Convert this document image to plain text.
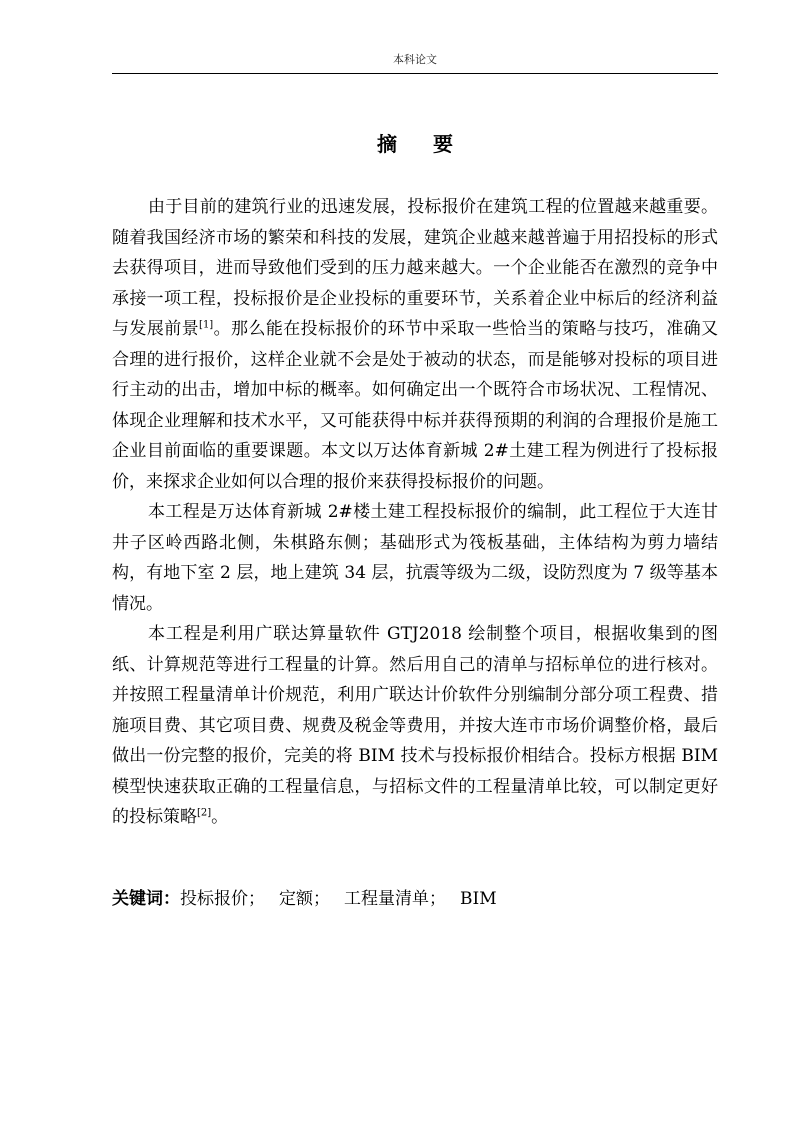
本科论文
摘要

由于目前的建筑行业的迅速发展，投标报价在建筑工程的位置越来越重要。随着我国经济市场的繁荣和科技的发展，建筑企业越来越普遍于用招投标的形式去获得项目，进而导致他们受到的压力越来越大。一个企业能否在激烈的竞争中承接一项工程，投标报价是企业投标的重要环节，关系着企业中标后的经济利益与发展前景[1]。那么能在投标报价的环节中采取一些恰当的策略与技巧，准确又合理的进行报价，这样企业就不会是处于被动的状态，而是能够对投标的项目进行主动的出击，增加中标的概率。如何确定出一个既符合市场状况、工程情况、体现企业理解和技术水平，又可能获得中标并获得预期的利润的合理报价是施工企业目前面临的重要课题。本文以万达体育新城 2#土建工程为例进行了投标报价，来探求企业如何以合理的报价来获得投标报价的问题。

本工程是万达体育新城 2#楼土建工程投标报价的编制，此工程位于大连甘井子区岭西路北侧，朱棋路东侧；基础形式为筏板基础，主体结构为剪力墙结构，有地下室 2 层，地上建筑 34 层，抗震等级为二级，设防烈度为 7 级等基本情况。

本工程是利用广联达算量软件 GTJ2018 绘制整个项目，根据收集到的图纸、计算规范等进行工程量的计算。然后用自己的清单与招标单位的进行核对。并按照工程量清单计价规范，利用广联达计价软件分别编制分部分项工程费、措施项目费、其它项目费、规费及税金等费用，并按大连市市场价调整价格，最后做出一份完整的报价，完美的将 BIM 技术与投标报价相结合。投标方根据 BIM 模型快速获取正确的工程量信息，与招标文件的工程量清单比较，可以制定更好的投标策略[2]。

关键词：投标报价； 定额； 工程量清单； BIM
